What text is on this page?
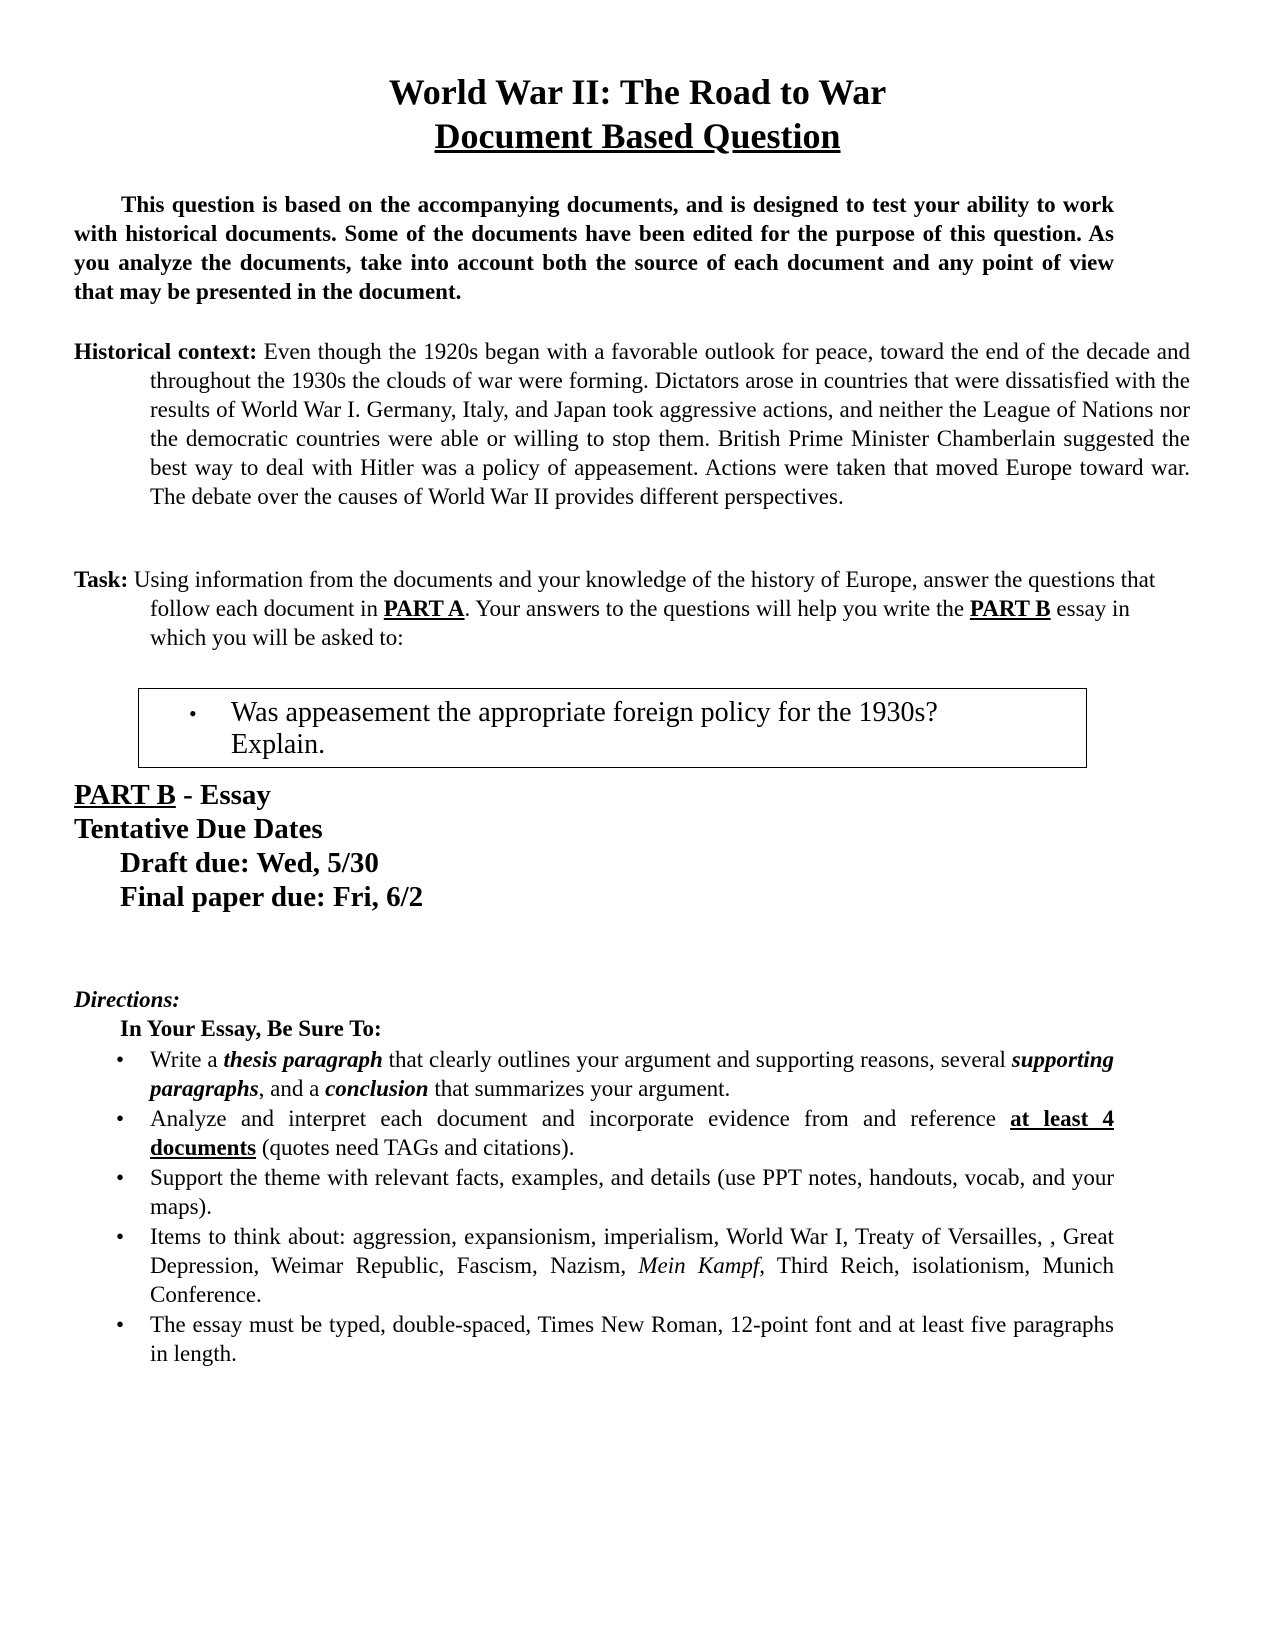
World War II: The Road to War
Document Based Question

This question is based on the accompanying documents, and is designed to test your ability to work with historical documents. Some of the documents have been edited for the purpose of this question. As you analyze the documents, take into account both the source of each document and any point of view that may be presented in the document.

Historical context: Even though the 1920s began with a favorable outlook for peace, toward the end of the decade and throughout the 1930s the clouds of war were forming. Dictators arose in countries that were dissatisfied with the results of World War I. Germany, Italy, and Japan took aggressive actions, and neither the League of Nations nor the democratic countries were able or willing to stop them. British Prime Minister Chamberlain suggested the best way to deal with Hitler was a policy of appeasement. Actions were taken that moved Europe toward war. The debate over the causes of World War II provides different perspectives.

Task: Using information from the documents and your knowledge of the history of Europe, answer the questions that follow each document in PART A. Your answers to the questions will help you write the PART B essay in which you will be asked to:

• Was appeasement the appropriate foreign policy for the 1930s? Explain.
PART B - Essay
Tentative Due Dates
Draft due: Wed, 5/30
Final paper due: Fri, 6/2
Directions:
In Your Essay, Be Sure To:
• Write a thesis paragraph that clearly outlines your argument and supporting reasons, several supporting paragraphs, and a conclusion that summarizes your argument.
• Analyze and interpret each document and incorporate evidence from and reference at least 4 documents (quotes need TAGs and citations).
• Support the theme with relevant facts, examples, and details (use PPT notes, handouts, vocab, and your maps).
• Items to think about: aggression, expansionism, imperialism, World War I, Treaty of Versailles, , Great Depression, Weimar Republic, Fascism, Nazism, Mein Kampf, Third Reich, isolationism, Munich Conference.
• The essay must be typed, double-spaced, Times New Roman, 12-point font and at least five paragraphs in length.
